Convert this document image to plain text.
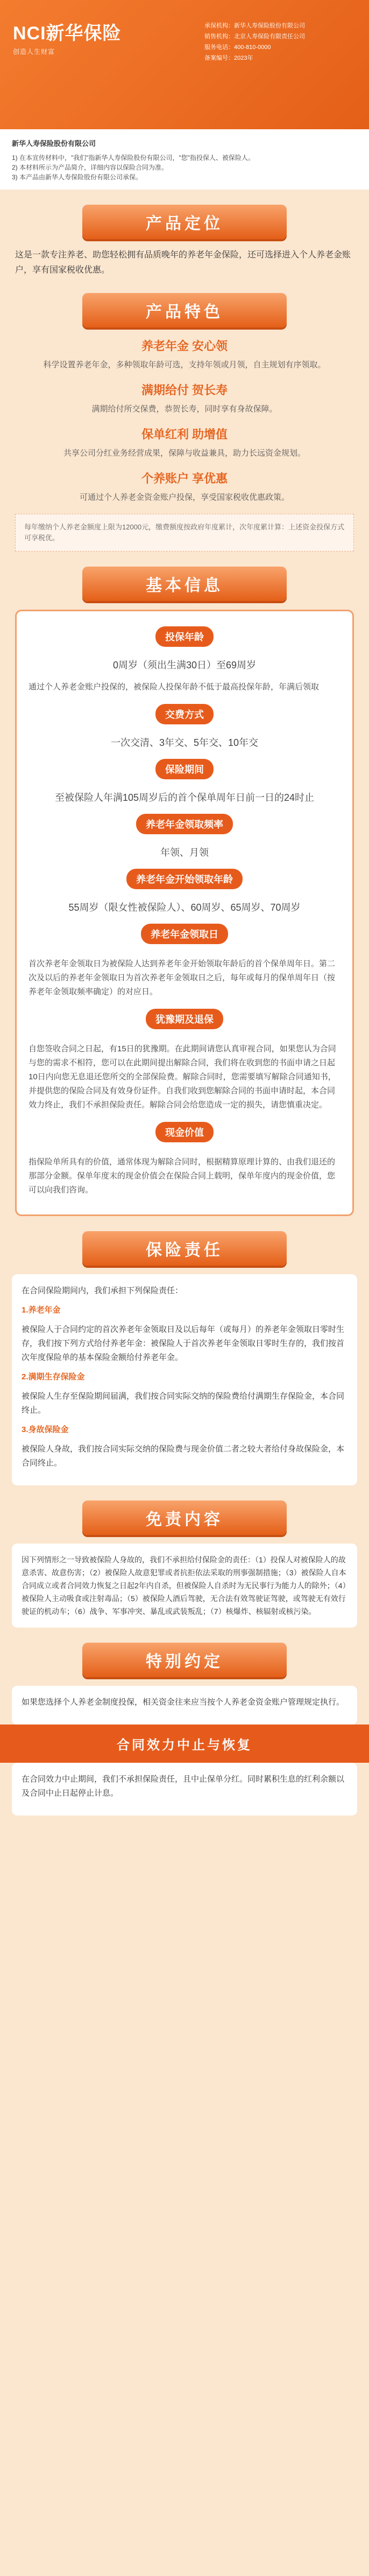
NCI新华保险
创造人生财富
承保机构：新华人寿保险股份有限公司
销售机构：北京人寿保险有限责任公司
服务电话：400-810-0000
备案编号：2023年
新华人寿保险股份有限公司

1) 在本宣传材料中，"我们"指新华人寿保险股份有限公司，"您"指投保人、被保险人。

2) 本材料所示为产品简介，详细内容以保险合同为准。

3) 本产品由新华人寿保险股份有限公司承保。

产品定位
这是一款专注养老、助您轻松拥有品质晚年的养老年金保险，还可选择进入个人养老金账户，享有国家税收优惠。
产品特色
养老年金 安心领

科学设置养老年金，多种领取年龄可选，支持年领或月领，自主规划有序领取。

满期给付 贺长寿

满期给付所交保费，恭贺长寿，同时享有身故保障。

保单红利 助增值

共享公司分红业务经营成果，保障与收益兼具，助力长远资金规划。

个养账户 享优惠

可通过个人养老金资金账户投保，享受国家税收优惠政策。

每年缴纳个人养老金额度上限为12000元，缴费额度按政府年度累计，次年度累计算：上述资金投保方式可享税优。
基本信息
投保年龄
0周岁（须出生满30日）至69周岁
通过个人养老金账户投保的，被保险人投保年龄不低于最高投保年龄，年满后领取
交费方式
一次交清、3年交、5年交、10年交
保险期间
至被保险人年满105周岁后的首个保单周年日前一日的24时止
养老年金领取频率
年领、月领
养老年金开始领取年龄
55周岁（限女性被保险人）、60周岁、65周岁、70周岁
养老年金领取日
首次养老年金领取日为被保险人达到养老年金开始领取年龄后的首个保单周年日。第二次及以后的养老年金领取日为首次养老年金领取日之后，每年或每月的保单周年日（按养老年金领取频率确定）的对应日。
犹豫期及退保
自您签收合同之日起，有15日的犹豫期。在此期间请您认真审视合同，如果您认为合同与您的需求不相符，您可以在此期间提出解除合同，我们将在收到您的书面申请之日起10日内向您无息退还您所交的全部保险费。解除合同时，您需要填写解除合同通知书，并提供您的保险合同及有效身份证件。自我们收到您解除合同的书面申请时起，本合同效力终止，我们不承担保险责任。解除合同会给您造成一定的损失，请您慎重决定。
现金价值
指保险单所具有的价值，通常体现为解除合同时，根据精算原理计算的、由我们退还的那部分金额。保单年度末的现金价值会在保险合同上载明，保单年度内的现金价值，您可以向我们咨询。
保险责任

在合同保险期间内，我们承担下列保险责任：

1.养老年金

被保险人于合同约定的首次养老年金领取日及以后每年（或每月）的养老年金领取日零时生存，我们按下列方式给付养老年金：被保险人于首次养老年金领取日零时生存的，我们按首次年度保险单的基本保险金额给付养老年金。

2.满期生存保险金

被保险人生存至保险期间届满，我们按合同实际交纳的保险费给付满期生存保险金，本合同终止。

3.身故保险金

被保险人身故，我们按合同实际交纳的保险费与现金价值二者之较大者给付身故保险金，本合同终止。

免责内容

因下列情形之一导致被保险人身故的，我们不承担给付保险金的责任：（1）投保人对被保险人的故意杀害、故意伤害；（2）被保险人故意犯罪或者抗拒依法采取的刑事强制措施；（3）被保险人自本合同成立或者合同效力恢复之日起2年内自杀，但被保险人自杀时为无民事行为能力人的除外；（4）被保险人主动吸食或注射毒品；（5）被保险人酒后驾驶，无合法有效驾驶证驾驶，或驾驶无有效行驶证的机动车；（6）战争、军事冲突、暴乱或武装叛乱；（7）核爆炸、核辐射或核污染。

特别约定

如果您选择个人养老金制度投保，相关资金往来应当按个人养老金资金账户管理规定执行。

合同效力中止与恢复

在合同效力中止期间，我们不承担保险责任，且中止保单分红。同时累积生息的红利余额以及合同中止日起停止计息。
